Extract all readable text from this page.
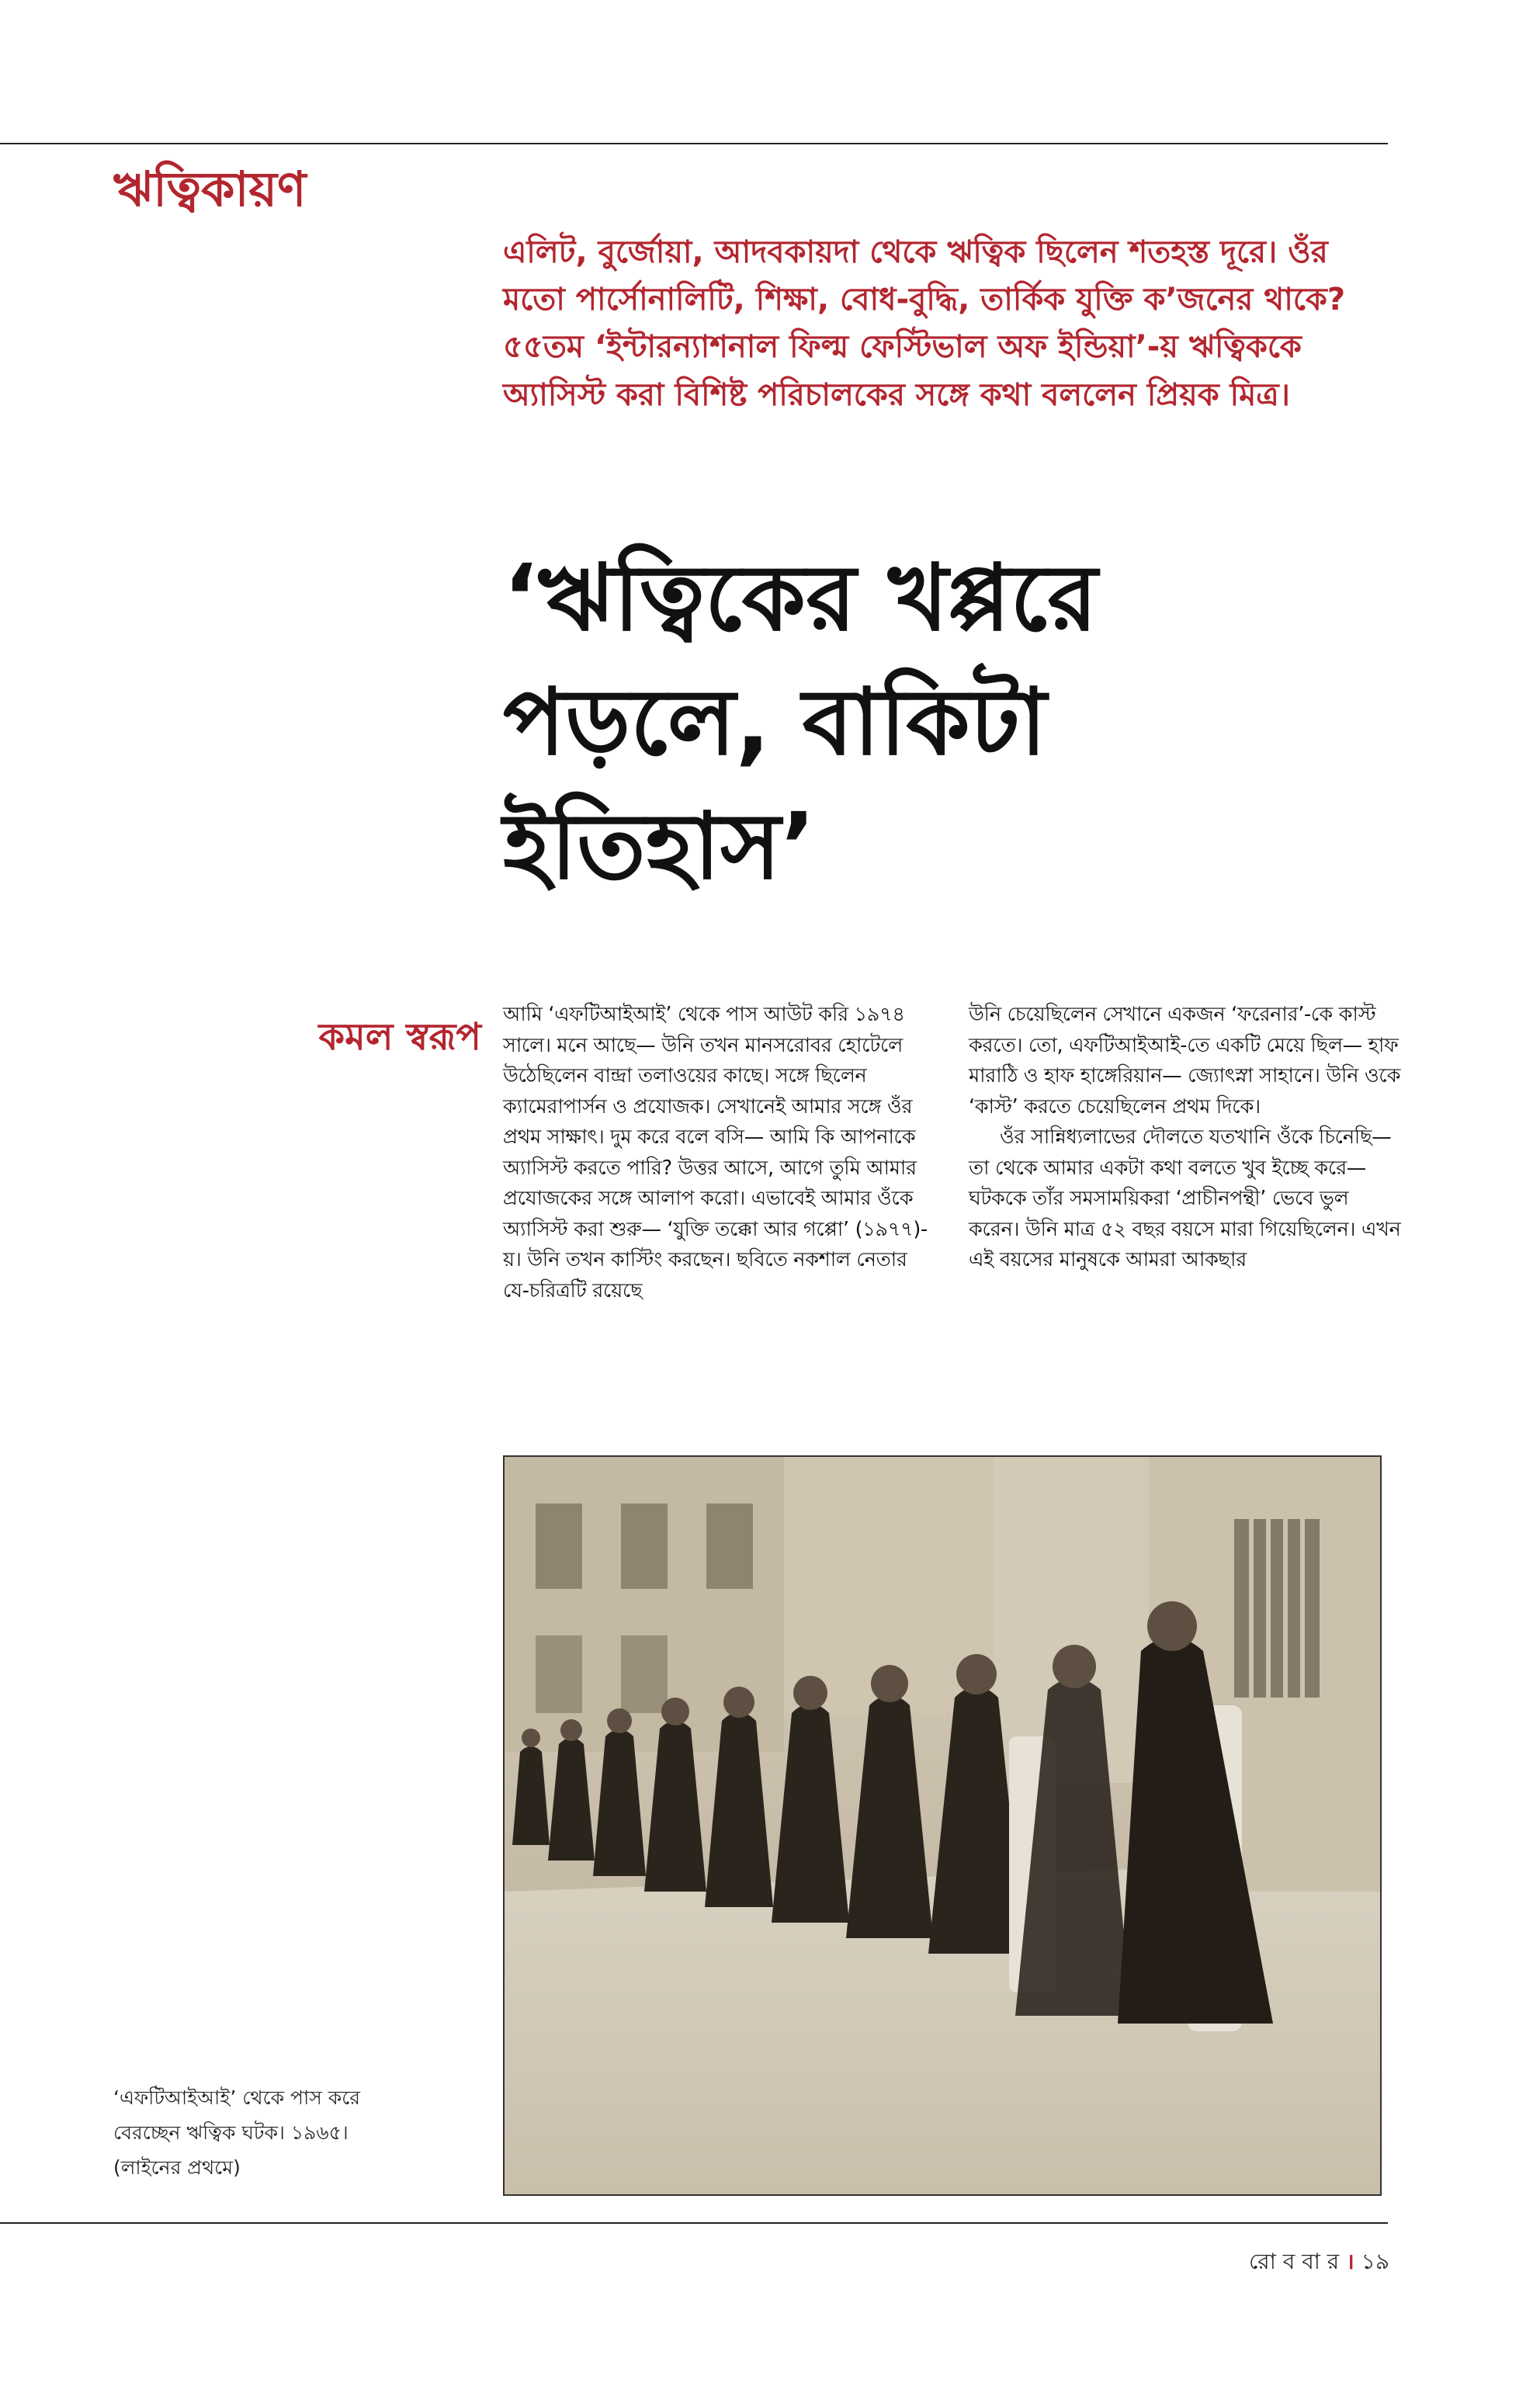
ঋত্বিকায়ণ
এলিট, বুর্জোয়া, আদবকায়দা থেকে ঋত্বিক ছিলেন শতহস্ত দূরে। ওঁর মতো পার্সোনালিটি, শিক্ষা, বোধ-বুদ্ধি, তার্কিক যুক্তি ক’জনের থাকে? ৫৫তম ‘ইন্টারন্যাশনাল ফিল্ম ফেস্টিভাল অফ ইন্ডিয়া’-য় ঋত্বিককে অ্যাসিস্ট করা বিশিষ্ট পরিচালকের সঙ্গে কথা বললেন প্রিয়ক মিত্র।
‘ঋত্বিকের খপ্পরে
পড়লে, বাকিটা
ইতিহাস’
কমল স্বরূপ

আমি ‘এফটিআইআই’ থেকে পাস আউট করি ১৯৭৪ সালে। মনে আছে— উনি তখন মানসরোবর হোটেলে উঠেছিলেন বান্দ্রা তলাওয়ের কাছে। সঙ্গে ছিলেন ক্যামেরাপার্সন ও প্রযোজক। সেখানেই আমার সঙ্গে ওঁর প্রথম সাক্ষাৎ। দুম করে বলে বসি— আমি কি আপনাকে অ্যাসিস্ট করতে পারি? উত্তর আসে, আগে তুমি আমার প্রযোজকের সঙ্গে আলাপ করো। এভাবেই আমার ওঁকে অ্যাসিস্ট করা শুরু— ‘যুক্তি তক্কো আর গপ্পো’ (১৯৭৭)-য়। উনি তখন কাস্টিং করছেন। ছবিতে নকশাল নেতার যে-চরিত্রটি রয়েছে

উনি চেয়েছিলেন সেখানে একজন ‘ফরেনার’-কে কাস্ট করতে। তো, এফটিআইআই-তে একটি মেয়ে ছিল— হাফ মারাঠি ও হাফ হাঙ্গেরিয়ান— জ্যোৎস্না সাহানে। উনি ওকে ‘কাস্ট’ করতে চেয়েছিলেন প্রথম দিকে।

ওঁর সান্নিধ্যলাভের দৌলতে যতখানি ওঁকে চিনেছি— তা থেকে আমার একটা কথা বলতে খুব ইচ্ছে করে— ঘটককে তাঁর সমসাময়িকরা ‘প্রাচীনপন্থী’ ভেবে ভুল করেন। উনি মাত্র ৫২ বছর বয়সে মারা গিয়েছিলেন। এখন এই বয়সের মানুষকে আমরা আকছার

‘এফটিআইআই’ থেকে পাস করে
বেরচ্ছেন ঋত্বিক ঘটক। ১৯৬৫।
(লাইনের প্রথমে)
রো ব বা র । ১৯
